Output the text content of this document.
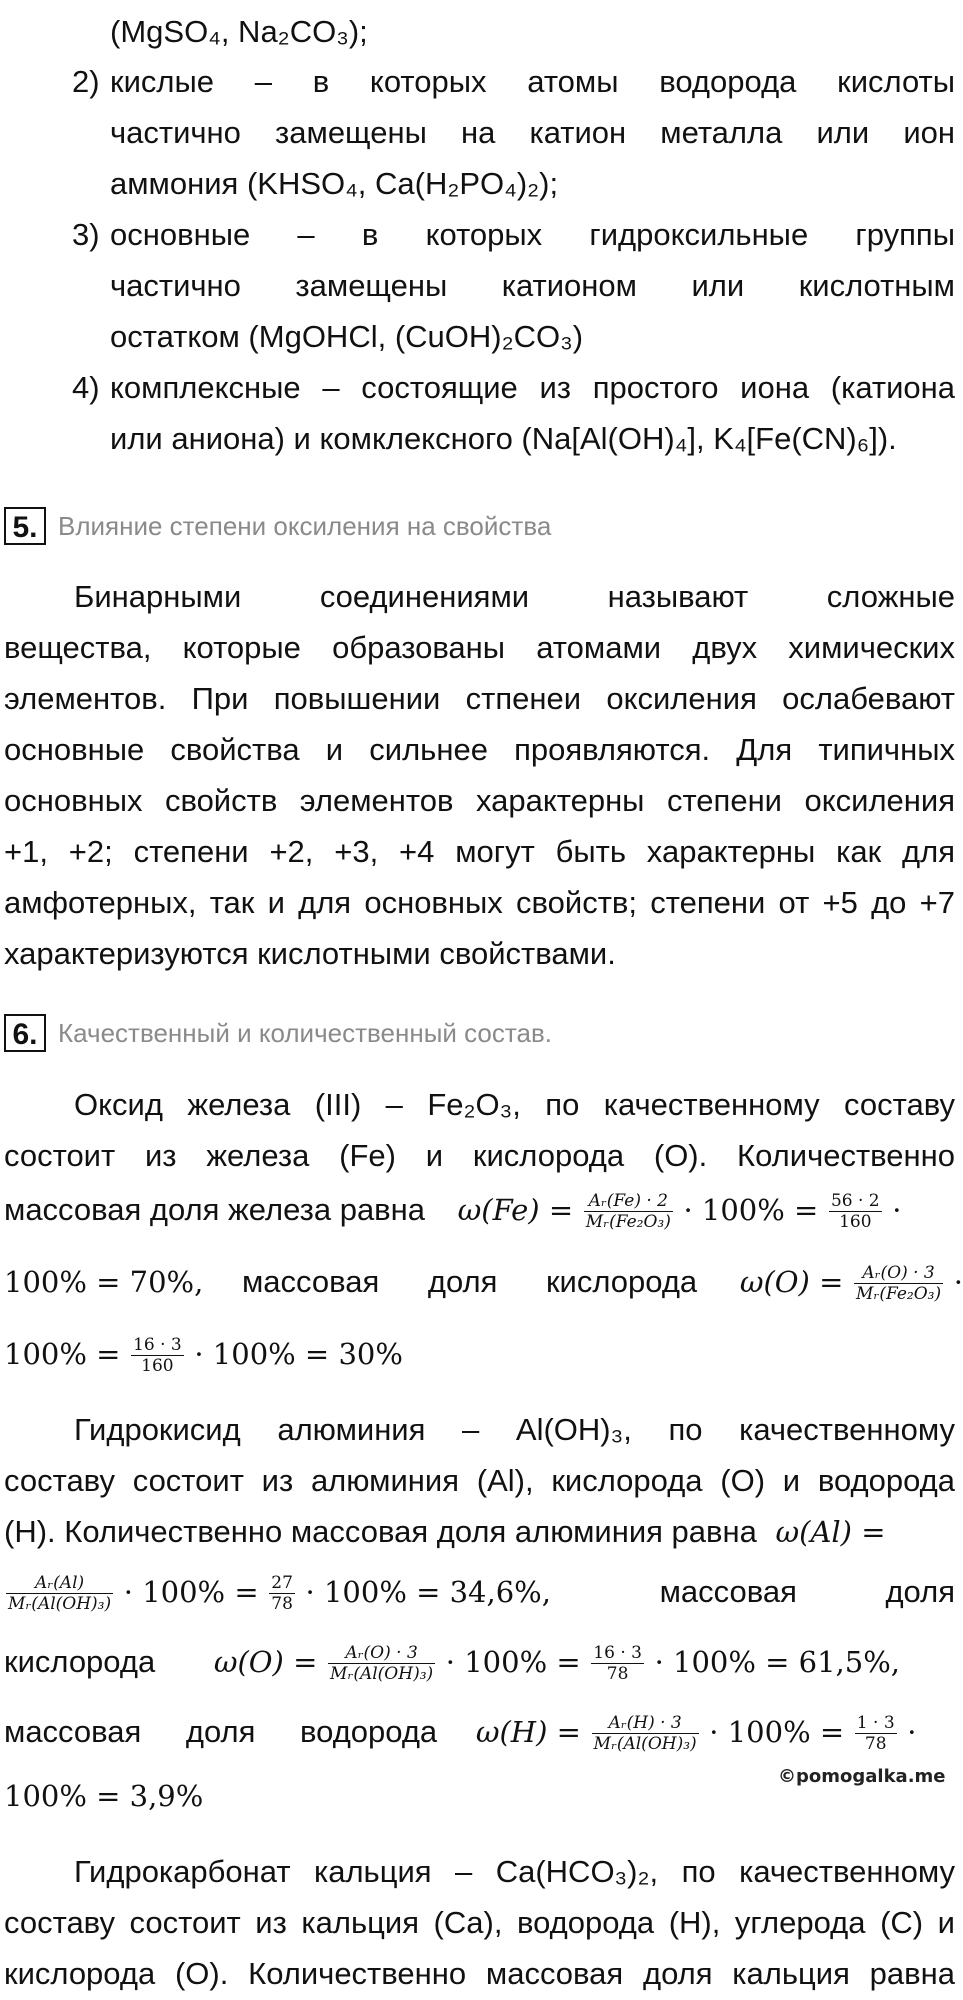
(MgSO₄, Na₂CO₃);
2) кислые – в которых атомы водорода кислоты
частично замещены на катион металла или ион
аммония (KHSO₄, Ca(H₂PO₄)₂);
3) основные – в которых гидроксильные группы
частично замещены катионом или кислотным
остатком (MgOHCl, (CuOH)₂CO₃)
4) комплексные – состоящие из простого иона (катиона
или аниона) и комклексного (Na[Al(OH)₄], K₄[Fe(CN)₆]).
5. Влияние степени оксиления на свойства
Бинарными соединениями называют сложные
вещества, которые образованы атомами двух химических
элементов. При повышении стпенеи оксиления ослабевают
основные свойства и сильнее проявляются. Для типичных
основных свойств элементов характерны степени оксиления
+1, +2; степени +2, +3, +4 могут быть характерны как для
амфотерных, так и для основных свойств; степени от +5 до +7
характеризуются кислотными свойствами.
6. Качественный и количественный состав.
Оксид железа (III) – Fe₂O₃, по качественному составу
состоит из железа (Fe) и кислорода (O). Количественно
массовая доля железа равна $\omega(Fe) = \frac{\text{Aᵣ(Fe) · 2}}{\text{Mᵣ(Fe₂O₃)}} \cdot 100\% = \frac{56 \cdot 2}{160}$ ·
100% = 70%, массовая доля кислорода $\omega(O) = \frac{\text{Aᵣ(O) · 3}}{\text{Mᵣ(Fe₂O₃)}}$ ·
$100\% = \frac{16 \cdot 3}{160} \cdot 100\% = 30\%$
Гидрокисид алюминия – Al(OH)₃, по качественному
составу состоит из алюминия (Al), кислорода (O) и водорода
(H). Количественно массовая доля алюминия равна ω(Al) =
$\frac{\text{Aᵣ(Al)}}{\text{Mᵣ(Al(OH)₃)}} \cdot 100\% = \frac{27}{78} \cdot 100\% = 34,6\%$,	массовая доля
кислорода $\omega(O) = \frac{\text{Aᵣ(O) · 3}}{\text{Mᵣ(Al(OH)₃)}} \cdot 100\% = \frac{16 \cdot 3}{78} \cdot 100\% = 61,5\%$,
массовая доля водорода $\omega(H) = \frac{\text{Aᵣ(H) · 3}}{\text{Mᵣ(Al(OH)₃)}} \cdot 100\% = \frac{1 \cdot 3}{78}$ ·
100% = 3,9%
©pomogalka.me
Гидрокарбонат кальция – Ca(HCO₃)₂, по качественному
составу состоит из кальция (Ca), водорода (H), углерода (C) и
кислорода (O). Количественно массовая доля кальция равна
